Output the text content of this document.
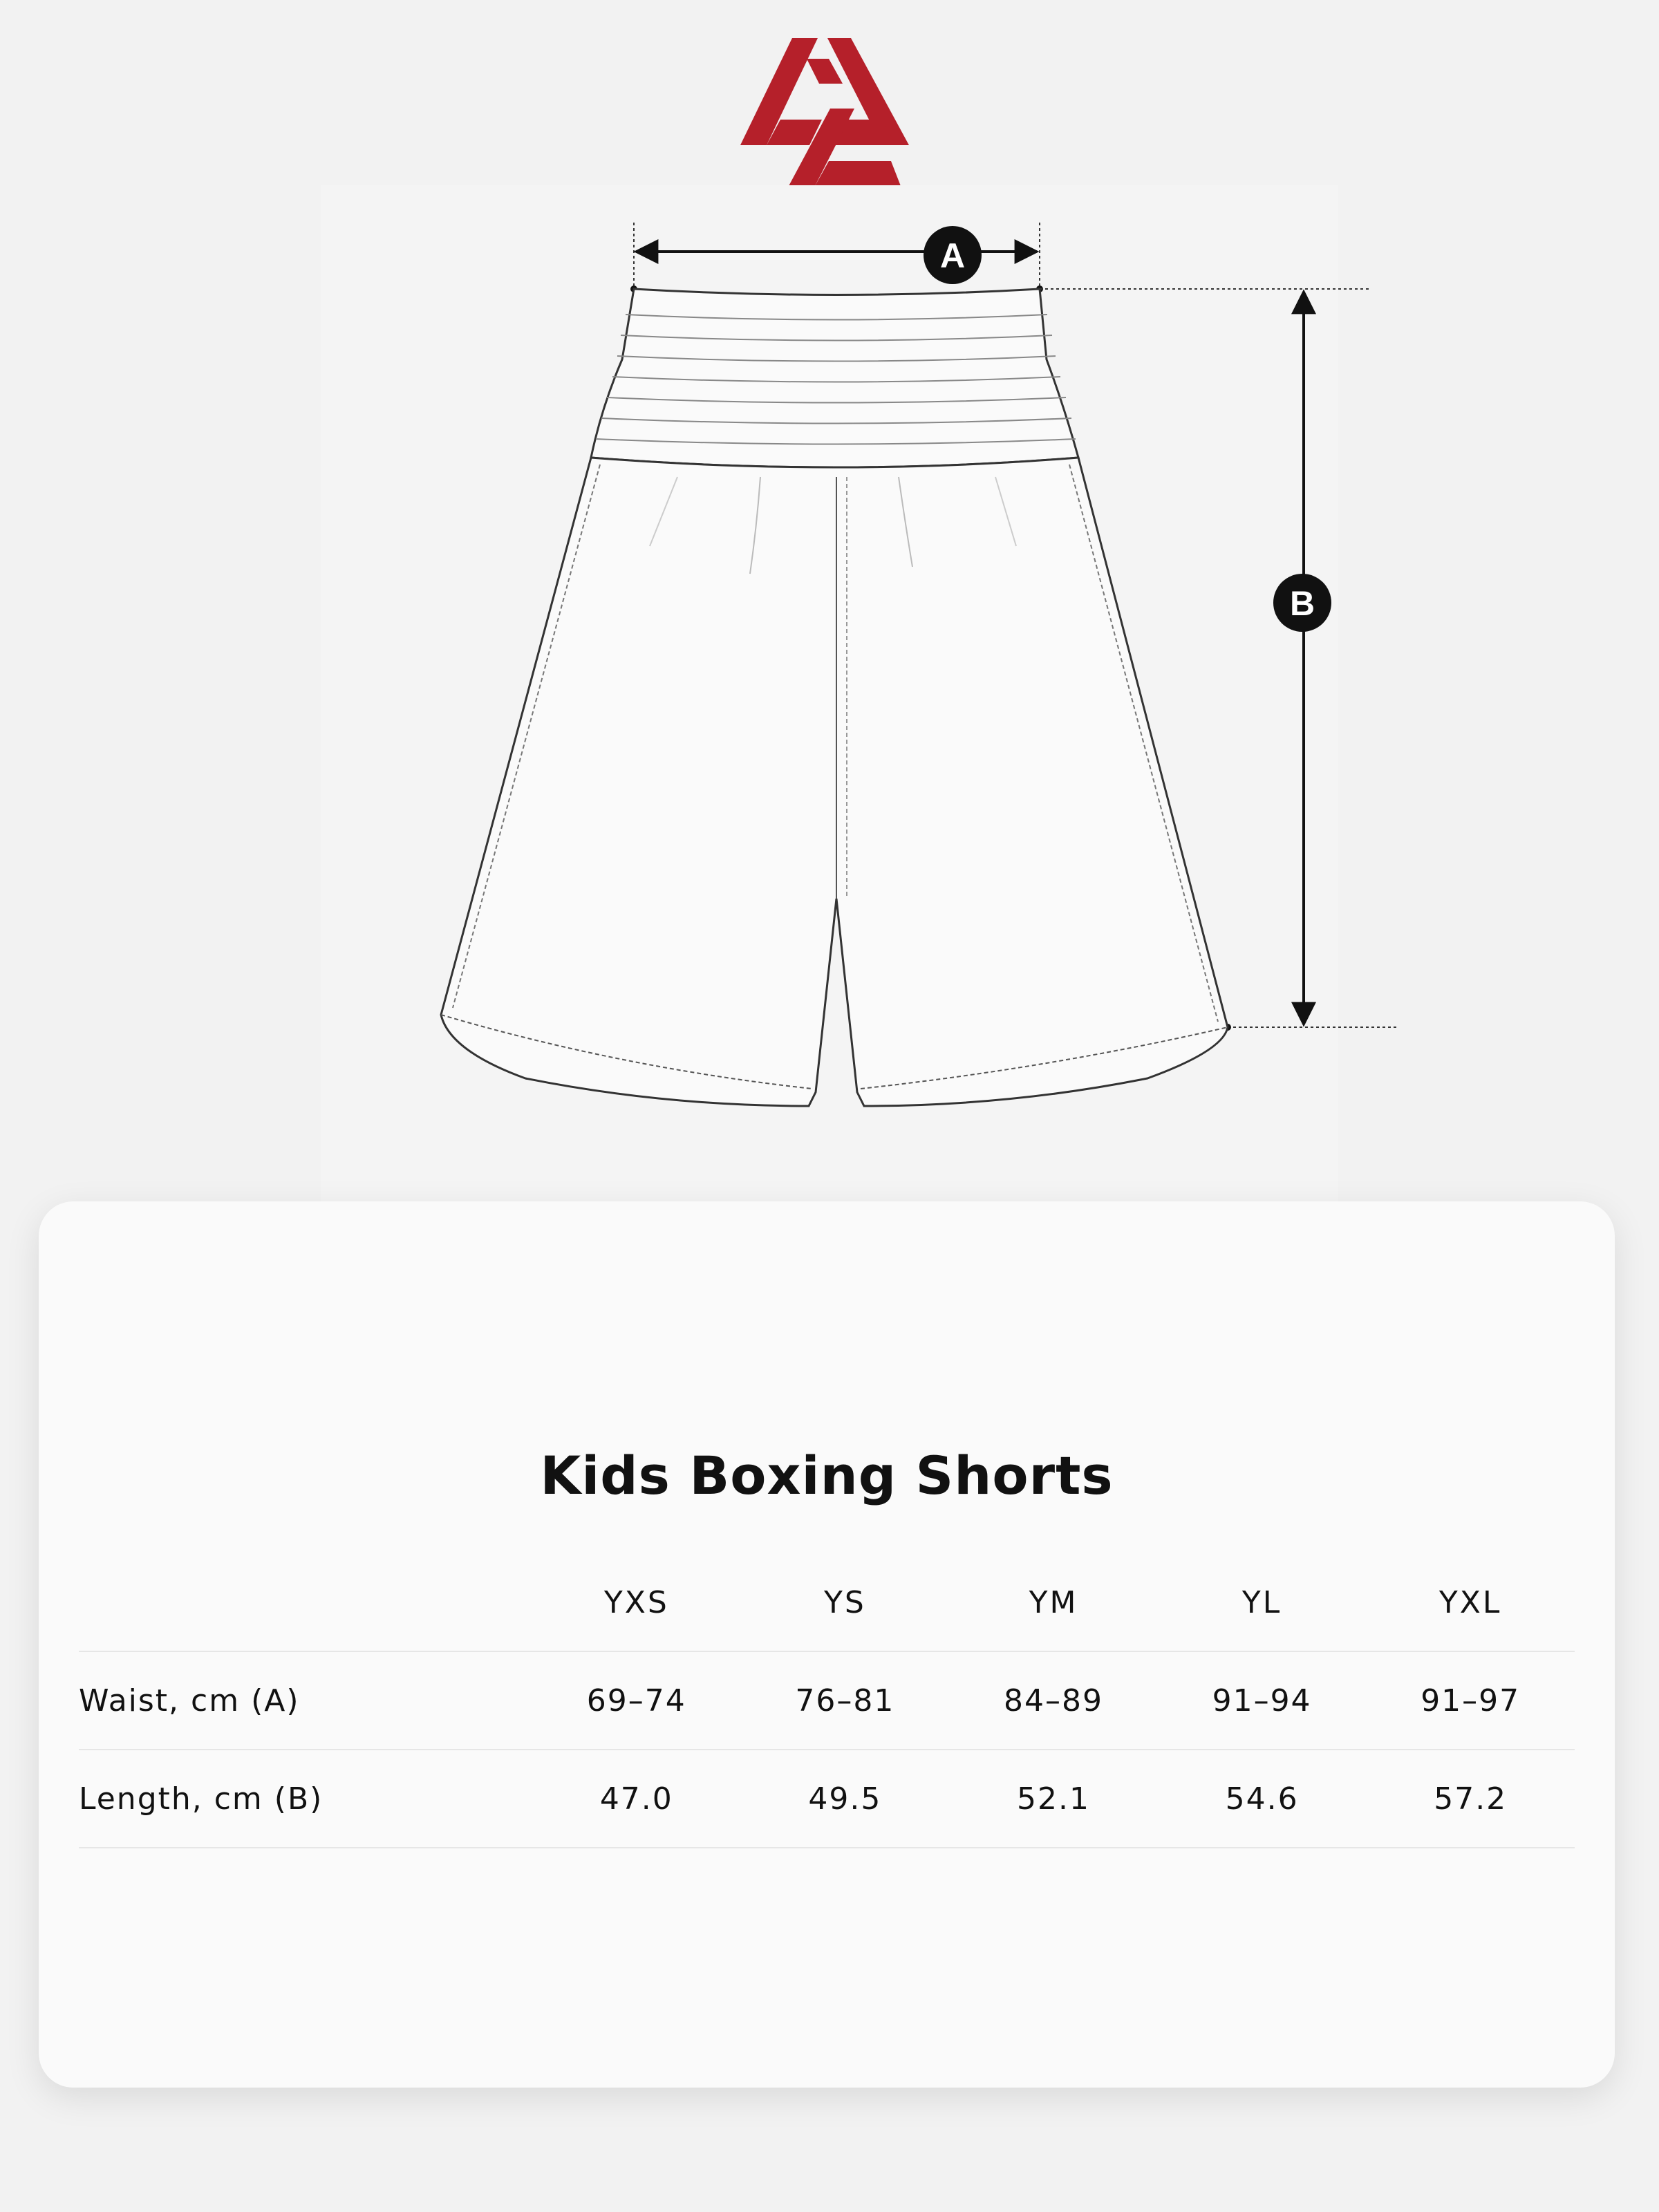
A
B
Kids Boxing Shorts
	YXS	YS	YM	YL	YXL
Waist, cm (A)	69–74	76–81	84–89	91–94	91–97
Length, cm (B)	47.0	49.5	52.1	54.6	57.2
